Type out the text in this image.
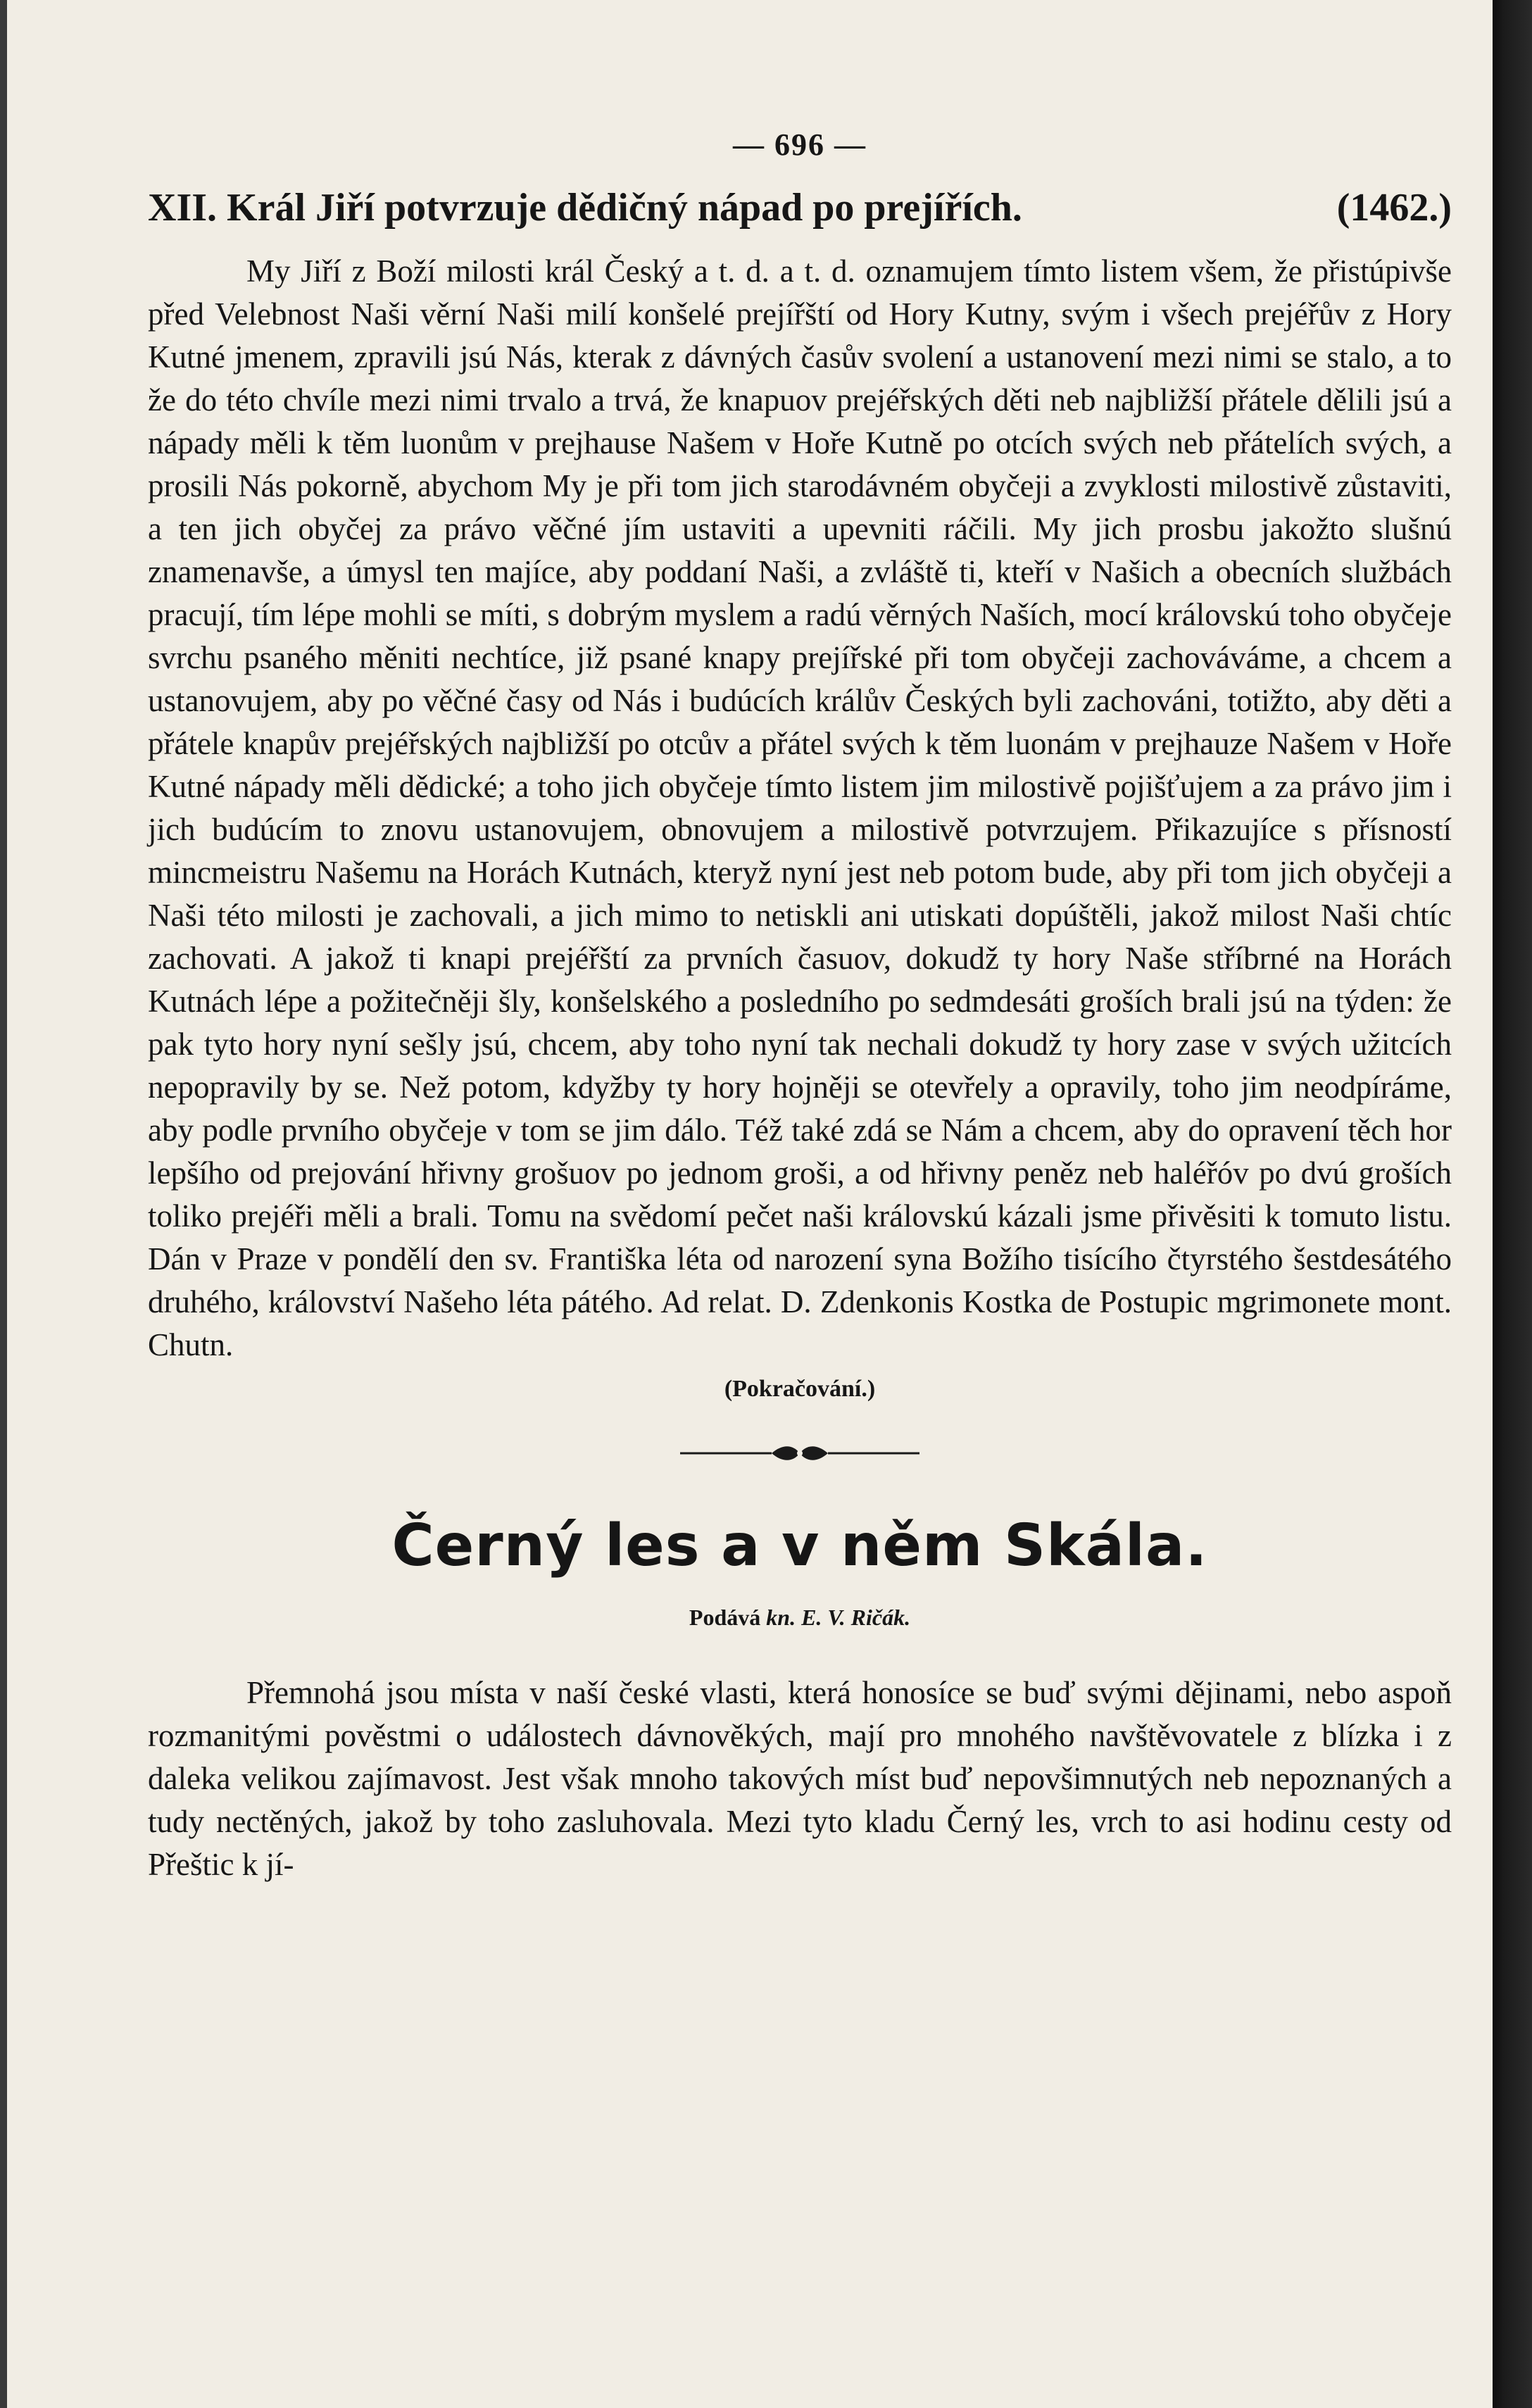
— 696 —
XII. Král Jiří potvrzuje dědičný nápad po prejířích.	(1462.)

My Jiří z Boží milosti král Český a t. d. a t. d. oznamujem tímto listem všem, že přistúpivše před Velebnost Naši věrní Naši milí konšelé prejířští od Hory Kutny, svým i všech prejéřův z Hory Kutné jmenem, zpravili jsú Nás, kterak z dávných časův svolení a ustanovení mezi nimi se stalo, a to že do této chvíle mezi nimi trvalo a trvá, že knapuov prejéřských děti neb najbližší přátele dělili jsú a nápady měli k těm luonům v prejhause Našem v Hoře Kutně po otcích svých neb přátelích svých, a prosili Nás pokorně, abychom My je při tom jich starodávném obyčeji a zvyklosti milostivě zůstaviti, a ten jich obyčej za právo věčné jím ustaviti a upevniti ráčili. My jich prosbu jakožto slušnú znamenavše, a úmysl ten majíce, aby poddaní Naši, a zvláště ti, kteří v Našich a obecních službách pracují, tím lépe mohli se míti, s dobrým myslem a radú věrných Naších, mocí královskú toho obyčeje svrchu psaného měniti nechtíce, již psané knapy prejířské při tom obyčeji zachováváme, a chcem a ustanovujem, aby po věčné časy od Nás i budúcích králův Českých byli zachováni, totižto, aby děti a přátele knapův prejéřských najbližší po otcův a přátel svých k těm luonám v prejhauze Našem v Hoře Kutné nápady měli dědické; a toho jich obyčeje tímto listem jim milostivě pojišťujem a za právo jim i jich budúcím to znovu ustanovujem, obnovujem a milostivě potvrzujem. Přikazujíce s přísností mincmeistru Našemu na Horách Kutnách, kteryž nyní jest neb potom bude, aby při tom jich obyčeji a Naši této milosti je zachovali, a jich mimo to netiskli ani utiskati dopúštěli, jakož milost Naši chtíc zachovati. A jakož ti knapi prejéřští za prvních časuov, dokudž ty hory Naše stříbrné na Horách Kutnách lépe a požitečněji šly, konšelského a posledního po sedmdesáti groších brali jsú na týden: že pak tyto hory nyní sešly jsú, chcem, aby toho nyní tak nechali dokudž ty hory zase v svých užitcích nepopravily by se. Než potom, kdyžby ty hory hojněji se otevřely a opravily, toho jim neodpíráme, aby podle prvního obyčeje v tom se jim dálo. Též také zdá se Nám a chcem, aby do opravení těch hor lepšího od prejování hřivny grošuov po jednom groši, a od hřivny peněz neb haléřóv po dvú groších toliko prejéři měli a brali. Tomu na svědomí pečet naši královskú kázali jsme přivěsiti k tomuto listu. Dán v Praze v pondělí den sv. Františka léta od narození syna Božího tisícího čtyrstého šestdesátého druhého, království Našeho léta pátého. Ad relat. D. Zdenkonis Kostka de Postupic mgrimonete mont. Chutn.

(Pokračování.)
Černý les a v něm Skála.
Podává kn. E. V. Ričák.

Přemnohá jsou místa v naší české vlasti, která honosíce se buď svými dějinami, nebo aspoň rozmanitými pověstmi o událostech dávnověkých, mají pro mnohého navštěvovatele z blízka i z daleka velikou zajímavost. Jest však mnoho takových míst buď nepovšimnutých neb nepoznaných a tudy nectěných, jakož by toho zasluhovala. Mezi tyto kladu Černý les, vrch to asi hodinu cesty od Přeštic k jí-
